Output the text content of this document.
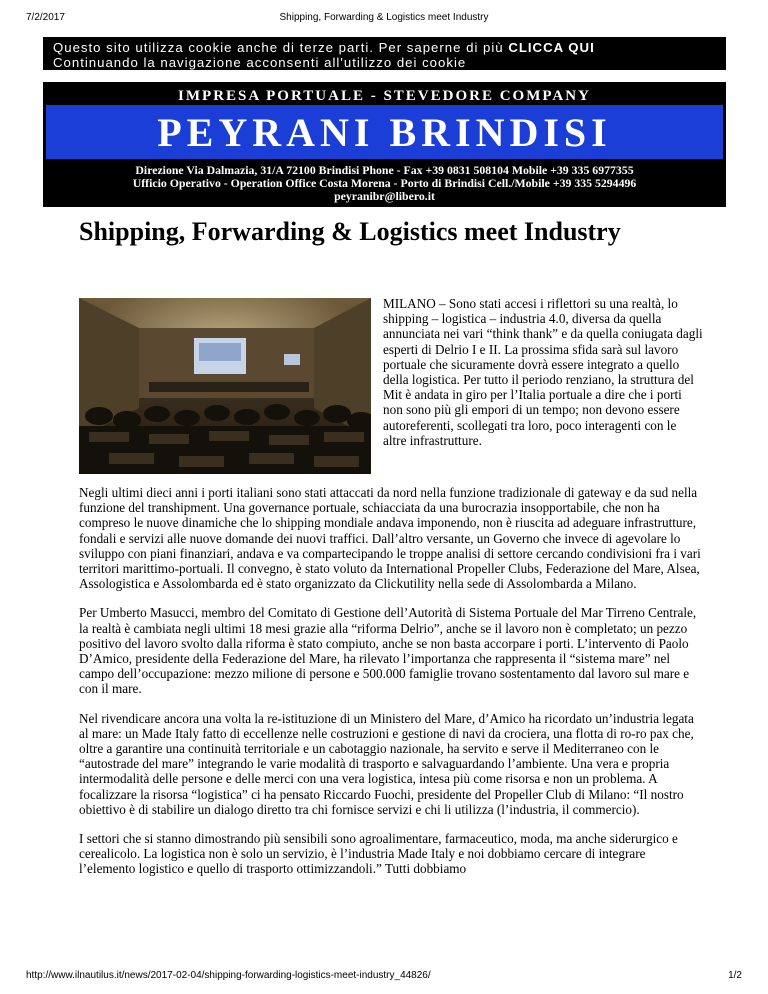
7/2/2017	Shipping, Forwarding & Logistics meet Industry
Questo sito utilizza cookie anche di terze parti. Per saperne di più CLICCA QUI
Continuando la navigazione acconsenti all'utilizzo dei cookie
IMPRESA PORTUALE - STEVEDORE COMPANY
PEYRANI BRINDISI
Direzione Via Dalmazia, 31/A 72100 Brindisi Phone - Fax +39 0831 508104 Mobile +39 335 6977355
Ufficio Operativo - Operation Office Costa Morena - Porto di Brindisi Cell./Mobile +39 335 5294496
peyranibr@libero.it
Shipping, Forwarding & Logistics meet Industry

MILANO – Sono stati accesi i riflettori su una realtà, lo shipping – logistica – industria 4.0, diversa da quella annunciata nei vari “think thank” e da quella coniugata dagli esperti di Delrio I e II. La prossima sfida sarà sul lavoro portuale che sicuramente dovrà essere integrato a quello della logistica. Per tutto il periodo renziano, la struttura del Mit è andata in giro per l’Italia portuale a dire che i porti non sono più gli empori di un tempo; non devono essere autoreferenti, scollegati tra loro, poco interagenti con le altre infrastrutture.

Negli ultimi dieci anni i porti italiani sono stati attaccati da nord nella funzione tradizionale di gateway e da sud nella funzione del transhipment. Una governance portuale, schiacciata da una burocrazia insopportabile, che non ha compreso le nuove dinamiche che lo shipping mondiale andava imponendo, non è riuscita ad adeguare infrastrutture, fondali e servizi alle nuove domande dei nuovi traffici. Dall’altro versante, un Governo che invece di agevolare lo sviluppo con piani finanziari, andava e va compartecipando le troppe analisi di settore cercando condivisioni fra i vari territori marittimo-portuali. Il convegno, è stato voluto da International Propeller Clubs, Federazione del Mare, Alsea, Assologistica e Assolombarda ed è stato organizzato da Clickutility nella sede di Assolombarda a Milano.

Per Umberto Masucci, membro del Comitato di Gestione dell’Autorità di Sistema Portuale del Mar Tirreno Centrale, la realtà è cambiata negli ultimi 18 mesi grazie alla “riforma Delrio”, anche se il lavoro non è completato; un pezzo positivo del lavoro svolto dalla riforma è stato compiuto, anche se non basta accorpare i porti. L’intervento di Paolo D’Amico, presidente della Federazione del Mare, ha rilevato l’importanza che rappresenta il “sistema mare” nel campo dell’occupazione: mezzo milione di persone e 500.000 famiglie trovano sostentamento dal lavoro sul mare e con il mare.

Nel rivendicare ancora una volta la re-istituzione di un Ministero del Mare, d’Amico ha ricordato un’industria legata al mare: un Made Italy fatto di eccellenze nelle costruzioni e gestione di navi da crociera, una flotta di ro-ro pax che, oltre a garantire una continuità territoriale e un cabotaggio nazionale, ha servito e serve il Mediterraneo con le “autostrade del mare” integrando le varie modalità di trasporto e salvaguardando l’ambiente. Una vera e propria intermodalità delle persone e delle merci con una vera logistica, intesa più come risorsa e non un problema. A focalizzare la risorsa “logistica” ci ha pensato Riccardo Fuochi, presidente del Propeller Club di Milano: “Il nostro obiettivo è di stabilire un dialogo diretto tra chi fornisce servizi e chi li utilizza (l’industria, il commercio).

I settori che si stanno dimostrando più sensibili sono agroalimentare, farmaceutico, moda, ma anche siderurgico e cerealicolo. La logistica non è solo un servizio, è l’industria Made Italy e noi dobbiamo cercare di integrare l’elemento logistico e quello di trasporto ottimizzandoli.” Tutti dobbiamo

http://www.ilnautilus.it/news/2017-02-04/shipping-forwarding-logistics-meet-industry_44826/	1/2
